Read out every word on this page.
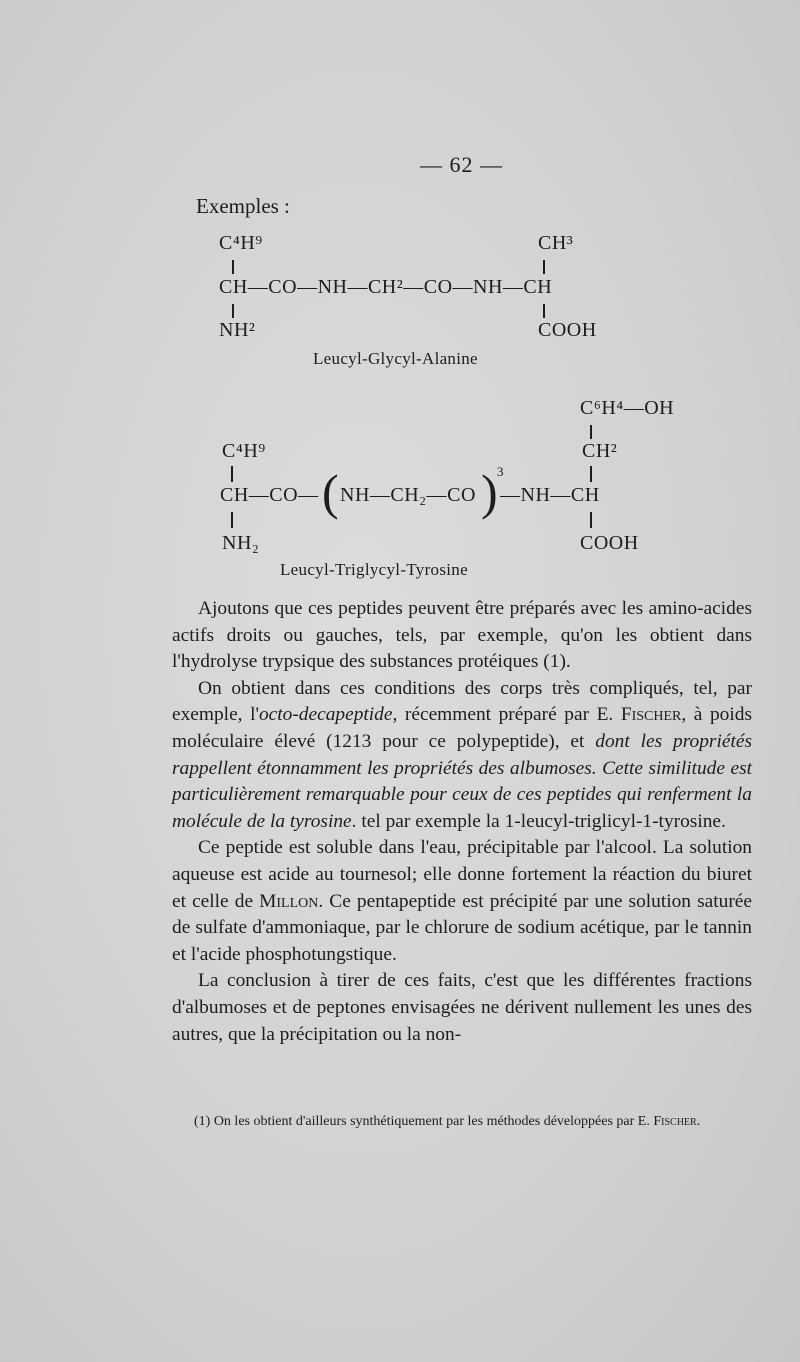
— 62 —
Exemples :
C⁴H⁹	CH³
CH—CO—NH—CH²—CO—NH—CH
NH²	COOH
Leucyl-Glycyl-Alanine
C⁶H⁴—OH
C⁴H⁹	CH²
CH—CO— ( NH—CH₂—CO ) 3
—NH—CH
NH₂	COOH
Leucyl-Triglycyl-Tyrosine

Ajoutons que ces peptides peuvent être préparés avec les amino-acides actifs droits ou gauches, tels, par exemple, qu'on les obtient dans l'hydrolyse trypsique des substances protéiques (1).

On obtient dans ces conditions des corps très compliqués, tel, par exemple, l'octo-decapeptide, récemment préparé par E. Fischer, à poids moléculaire élevé (1213 pour ce polypeptide), et dont les propriétés rappellent étonnamment les propriétés des albumoses. Cette similitude est particulièrement remarquable pour ceux de ces peptides qui renferment la molécule de la tyrosine. tel par exemple la 1-leucyl-triglicyl-1-tyrosine.

Ce peptide est soluble dans l'eau, précipitable par l'alcool. La solution aqueuse est acide au tournesol; elle donne fortement la réaction du biuret et celle de Millon. Ce pentapeptide est précipité par une solution saturée de sulfate d'ammoniaque, par le chlorure de sodium acétique, par le tannin et l'acide phosphotungstique.

La conclusion à tirer de ces faits, c'est que les différentes fractions d'albumoses et de peptones envisagées ne dérivent nullement les unes des autres, que la précipitation ou la non-

(1) On les obtient d'ailleurs synthétiquement par les méthodes développées par E. Fischer.
